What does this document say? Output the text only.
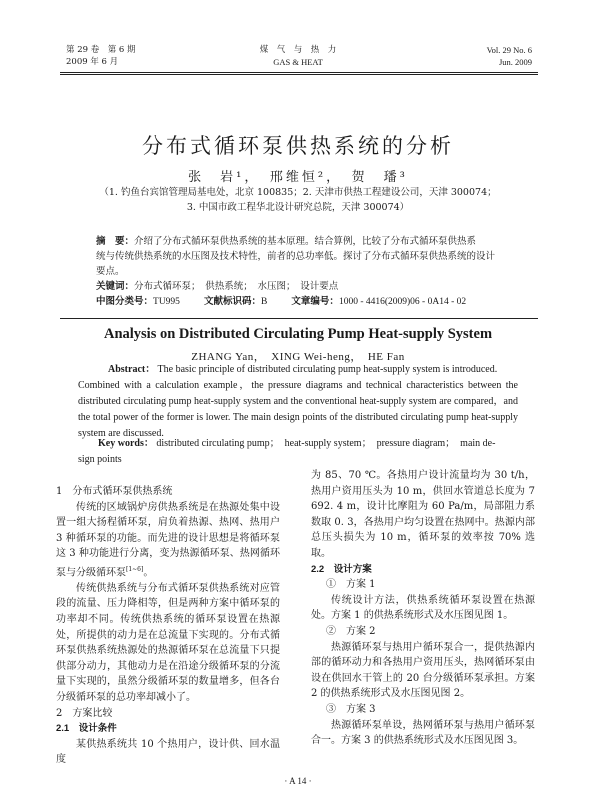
第 29 卷　第 6 期
2009 年 6 月
煤　气　与　热　力
GAS & HEAT
Vol. 29 No. 6
Jun. 2009
分布式循环泵供热系统的分析
张　岩¹，　邢维恒²，　贺　璠³
（1. 钓鱼台宾馆管理局基电处，北京 100835；2. 天津市供热工程建设公司，天津 300074；
3. 中国市政工程华北设计研究总院，天津 300074）
摘　要：介绍了分布式循环泵供热系统的基本原理。结合算例，比较了分布式循环泵供热系
统与传统供热系统的水压图及技术特性，前者的总功率低。探讨了分布式循环泵供热系统的设计
要点。
关键词：分布式循环泵；　供热系统；　水压图；　设计要点
中图分类号：TU995	文献标识码：B	文章编号：1000 - 4416(2009)06 - 0A14 - 02
Analysis on Distributed Circulating Pump Heat-supply System
ZHANG Yan，　XING Wei-heng，　HE Fan
Abstract： The basic principle of distributed circulating pump heat-supply system is introduced.
Combined with a calculation example，the pressure diagrams and technical characteristics between the distributed circulating pump heat-supply system and the conventional heat-supply system are compared，and the total power of the former is lower. The main design points of the distributed circulating pump heat-supply system are discussed.
Key words： distributed circulating pump；　heat-supply system；　pressure diagram；　main de-
sign points

1　分布式循环泵供热系统

传统的区域锅炉房供热系统是在热源处集中设置一组大扬程循环泵，肩负着热源、热网、热用户 3 种循环泵的功能。而先进的设计思想是将循环泵这 3 种功能进行分离，变为热源循环泵、热网循环泵与分级循环泵[1~6]。

传统供热系统与分布式循环泵供热系统对应管段的流量、压力降相等，但是两种方案中循环泵的功率却不同。传统供热系统的循环泵设置在热源处，所提供的动力是在总流量下实现的。分布式循环泵供热系统热源处的热源循环泵在总流量下只提供部分动力，其他动力是在沿途分级循环泵的分流量下实现的，虽然分级循环泵的数量增多，但各台分级循环泵的总功率却减小了。

2　方案比较

2.1　设计条件

某供热系统共 10 个热用户，设计供、回水温度

为 85、70 ℃。各热用户设计流量均为 30 t/h，热用户资用压头为 10 m，供回水管道总长度为 7 692. 4 m，设计比摩阻为 60 Pa/m，局部阻力系数取 0. 3，各热用户均匀设置在热网中。热源内部总压头损失为 10 m，循环泵的效率按 70% 选取。

2.2　设计方案

①　方案 1

传统设计方法，供热系统循环泵设置在热源处。方案 1 的供热系统形式及水压图见图 1。

②　方案 2

热源循环泵与热用户循环泵合一，提供热源内部的循环动力和各热用户资用压头，热网循环泵由设在供回水干管上的 20 台分级循环泵承担。方案 2 的供热系统形式及水压图见图 2。

③　方案 3

热源循环泵单设，热网循环泵与热用户循环泵合一。方案 3 的供热系统形式及水压图见图 3。

· A 14 ·
